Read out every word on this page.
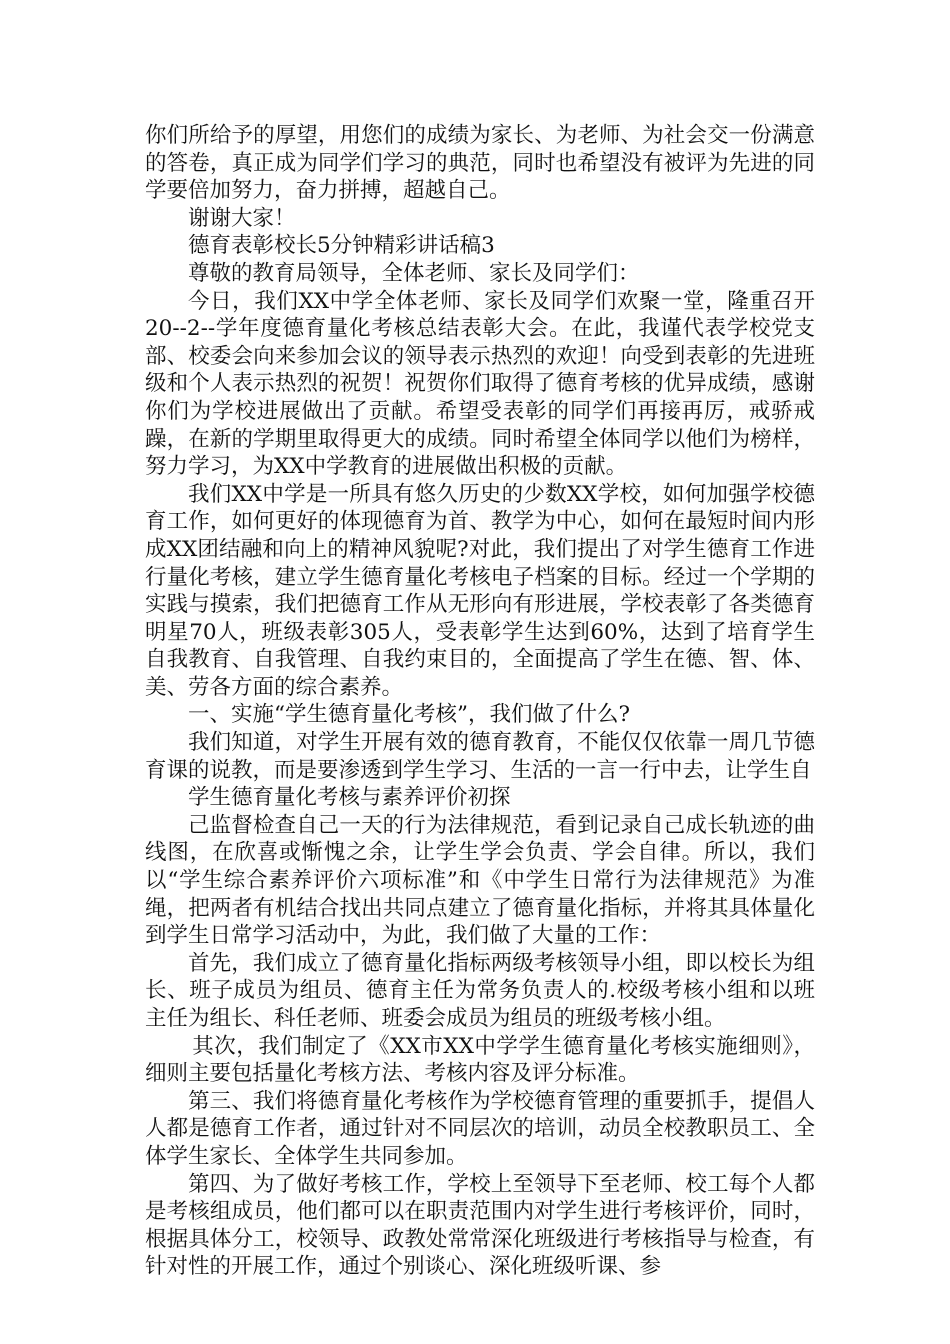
你们所给予的厚望，用您们的成绩为家长、为老师、为社会交一份满意的答卷，真正成为同学们学习的典范，同时也希望没有被评为先进的同学要倍加努力，奋力拼搏，超越自己。

谢谢大家！

德育表彰校长5分钟精彩讲话稿3

尊敬的教育局领导，全体老师、家长及同学们：

今日，我们XX中学全体老师、家长及同学们欢聚一堂，隆重召开20--2--学年度德育量化考核总结表彰大会。在此，我谨代表学校党支部、校委会向来参加会议的领导表示热烈的欢迎！向受到表彰的先进班级和个人表示热烈的祝贺！祝贺你们取得了德育考核的优异成绩，感谢你们为学校进展做出了贡献。希望受表彰的同学们再接再厉，戒骄戒躁，在新的学期里取得更大的成绩。同时希望全体同学以他们为榜样，努力学习，为XX中学教育的进展做出积极的贡献。

我们XX中学是一所具有悠久历史的少数XX学校，如何加强学校德育工作，如何更好的体现德育为首、教学为中心，如何在最短时间内形成XX团结融和向上的精神风貌呢?对此，我们提出了对学生德育工作进行量化考核，建立学生德育量化考核电子档案的目标。经过一个学期的实践与摸索，我们把德育工作从无形向有形进展，学校表彰了各类德育明星70人，班级表彰305人，受表彰学生达到60%，达到了培育学生自我教育、自我管理、自我约束目的，全面提高了学生在德、智、体、美、劳各方面的综合素养。

一、实施“学生德育量化考核”，我们做了什么?

我们知道，对学生开展有效的德育教育，不能仅仅依靠一周几节德育课的说教，而是要渗透到学生学习、生活的一言一行中去，让学生自

学生德育量化考核与素养评价初探

己监督检查自己一天的行为法律规范，看到记录自己成长轨迹的曲线图，在欣喜或惭愧之余，让学生学会负责、学会自律。所以，我们以“学生综合素养评价六项标准”和《中学生日常行为法律规范》为准绳，把两者有机结合找出共同点建立了德育量化指标，并将其具体量化到学生日常学习活动中，为此，我们做了大量的工作：

首先，我们成立了德育量化指标两级考核领导小组，即以校长为组长、班子成员为组员、德育主任为常务负责人的.校级考核小组和以班主任为组长、科任老师、班委会成员为组员的班级考核小组。

其次，我们制定了《XX市XX中学学生德育量化考核实施细则》，细则主要包括量化考核方法、考核内容及评分标准。

第三、我们将德育量化考核作为学校德育管理的重要抓手，提倡人人都是德育工作者，通过针对不同层次的培训，动员全校教职员工、全体学生家长、全体学生共同参加。

第四、为了做好考核工作，学校上至领导下至老师、校工每个人都是考核组成员，他们都可以在职责范围内对学生进行考核评价，同时，根据具体分工，校领导、政教处常常深化班级进行考核指导与检查，有针对性的开展工作，通过个别谈心、深化班级听课、参
